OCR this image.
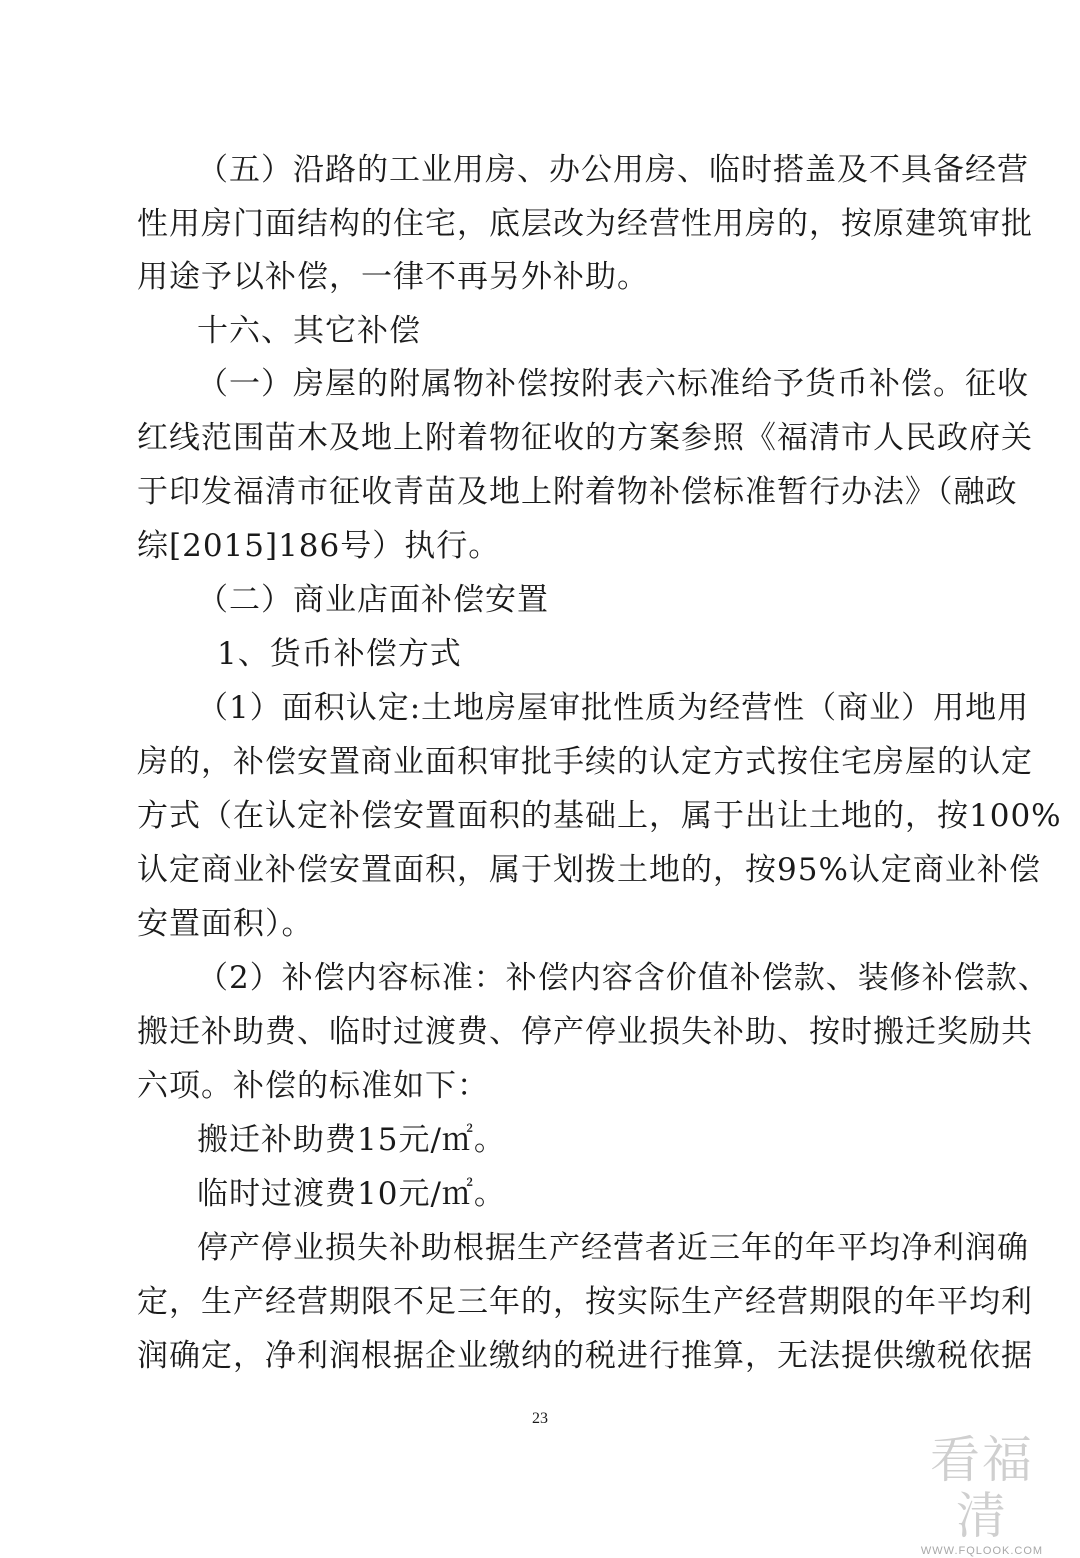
（五）沿路的工业用房、办公用房、临时搭盖及不具备经营
性用房门面结构的住宅，底层改为经营性用房的，按原建筑审批
用途予以补偿，一律不再另外补助。
十六、其它补偿
（一）房屋的附属物补偿按附表六标准给予货币补偿。征收
红线范围苗木及地上附着物征收的方案参照《福清市人民政府关
于印发福清市征收青苗及地上附着物补偿标准暂行办法》（融政
综[2015]186号）执行。
（二）商业店面补偿安置
1、货币补偿方式
（1）面积认定:土地房屋审批性质为经营性（商业）用地用
房的，补偿安置商业面积审批手续的认定方式按住宅房屋的认定
方式（在认定补偿安置面积的基础上，属于出让土地的，按100%
认定商业补偿安置面积，属于划拨土地的，按95%认定商业补偿
安置面积）。
（2）补偿内容标准：补偿内容含价值补偿款、装修补偿款、
搬迁补助费、临时过渡费、停产停业损失补助、按时搬迁奖励共
六项。补偿的标准如下：
搬迁补助费15元/㎡。
临时过渡费10元/㎡。
停产停业损失补助根据生产经营者近三年的年平均净利润确
定，生产经营期限不足三年的，按实际生产经营期限的年平均利
润确定，净利润根据企业缴纳的税进行推算，无法提供缴税依据
23
看福清
WWW.FQLOOK.COM
